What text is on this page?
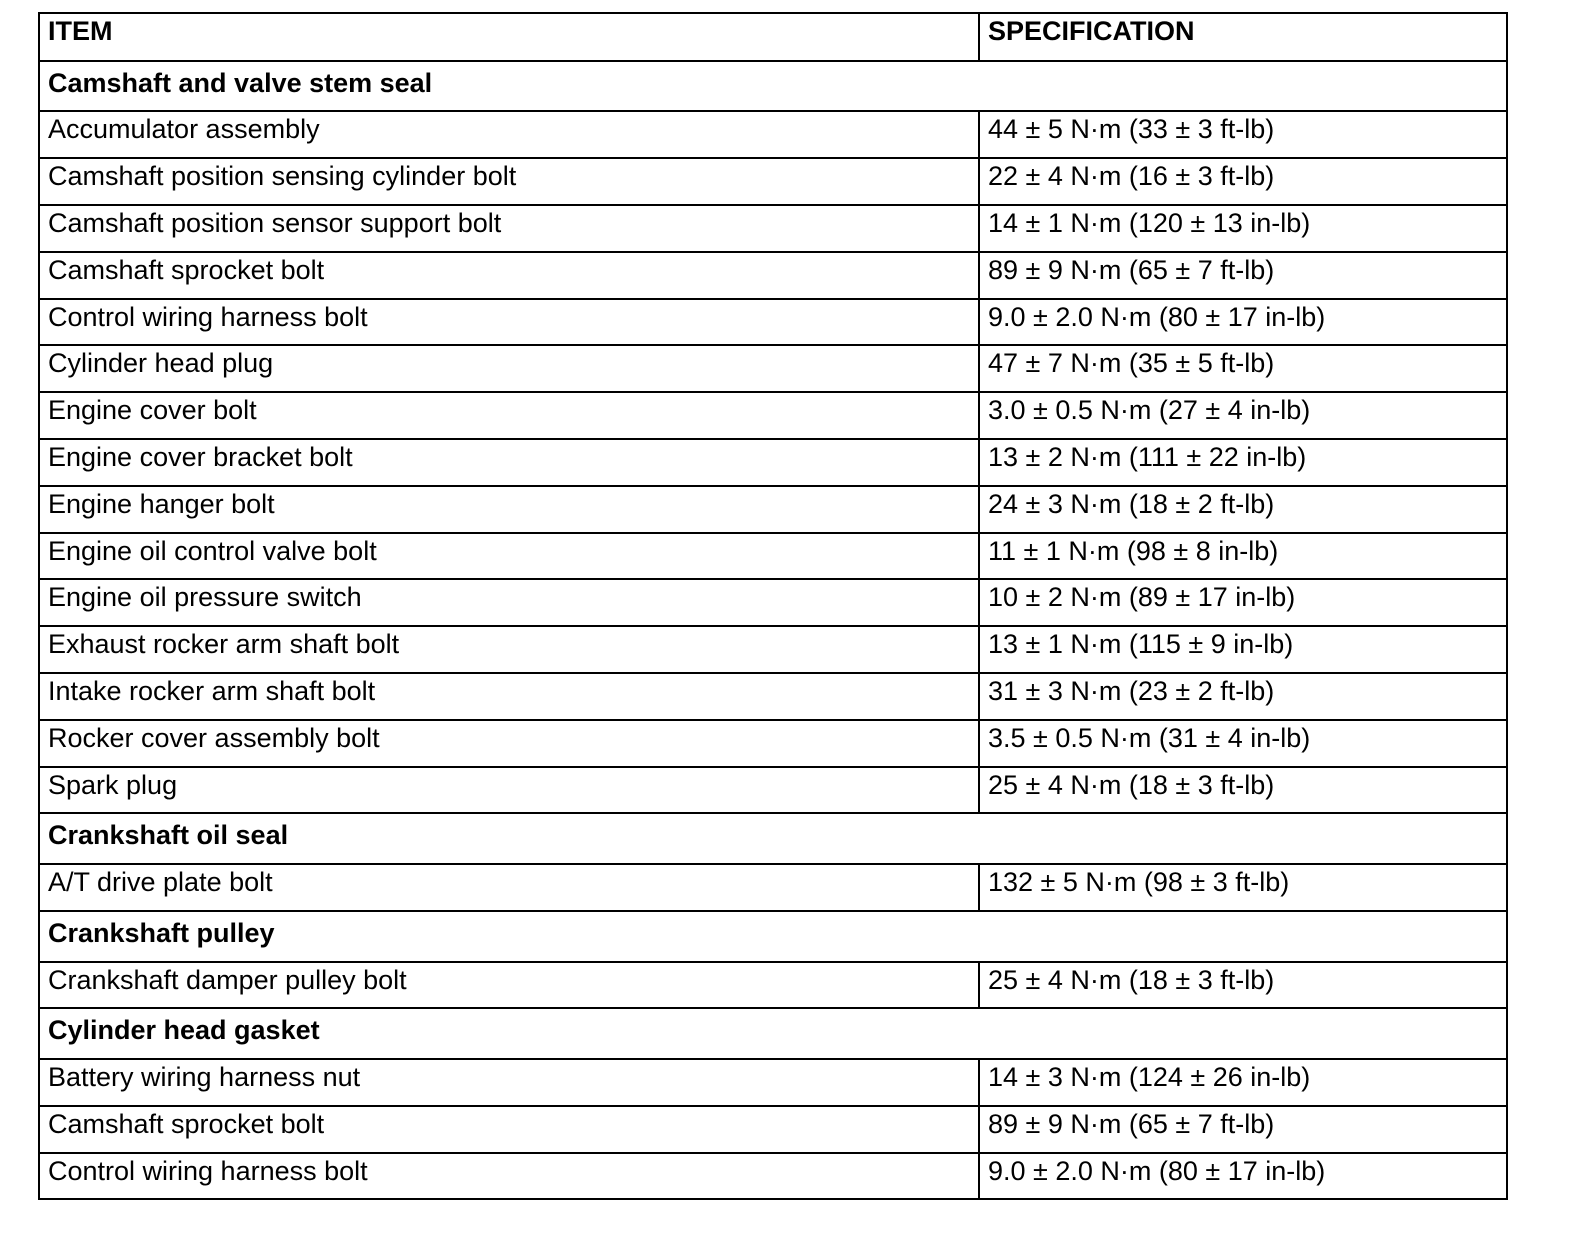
ITEM	SPECIFICATION
Camshaft and valve stem seal	
Accumulator assembly	44 ± 5 N·m (33 ± 3 ft-lb)
Camshaft position sensing cylinder bolt	22 ± 4 N·m (16 ± 3 ft-lb)
Camshaft position sensor support bolt	14 ± 1 N·m (120 ± 13 in-lb)
Camshaft sprocket bolt	89 ± 9 N·m (65 ± 7 ft-lb)
Control wiring harness bolt	9.0 ± 2.0 N·m (80 ± 17 in-lb)
Cylinder head plug	47 ± 7 N·m (35 ± 5 ft-lb)
Engine cover bolt	3.0 ± 0.5 N·m (27 ± 4 in-lb)
Engine cover bracket bolt	13 ± 2 N·m (111 ± 22 in-lb)
Engine hanger bolt	24 ± 3 N·m (18 ± 2 ft-lb)
Engine oil control valve bolt	11 ± 1 N·m (98 ± 8 in-lb)
Engine oil pressure switch	10 ± 2 N·m (89 ± 17 in-lb)
Exhaust rocker arm shaft bolt	13 ± 1 N·m (115 ± 9 in-lb)
Intake rocker arm shaft bolt	31 ± 3 N·m (23 ± 2 ft-lb)
Rocker cover assembly bolt	3.5 ± 0.5 N·m (31 ± 4 in-lb)
Spark plug	25 ± 4 N·m (18 ± 3 ft-lb)
Crankshaft oil seal	
A/T drive plate bolt	132 ± 5 N·m (98 ± 3 ft-lb)
Crankshaft pulley	
Crankshaft damper pulley bolt	25 ± 4 N·m (18 ± 3 ft-lb)
Cylinder head gasket	
Battery wiring harness nut	14 ± 3 N·m (124 ± 26 in-lb)
Camshaft sprocket bolt	89 ± 9 N·m (65 ± 7 ft-lb)
Control wiring harness bolt	9.0 ± 2.0 N·m (80 ± 17 in-lb)
